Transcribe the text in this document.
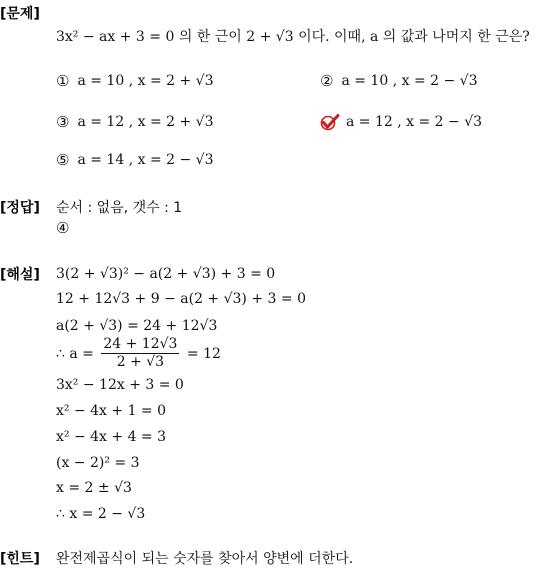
[문제]
3x² − ax + 3 = 0 의 한 근이 2 + √3 이다. 이때, a 의 값과 나머지 한 근은?
① a = 10 , x = 2 + √3	② a = 10 , x = 2 − √3
③ a = 12 , x = 2 + √3	a = 12 , x = 2 − √3
⑤ a = 14 , x = 2 − √3
[정답] 순서 : 없음, 갯수 : 1
④
[해설] 3(2 + √3)² − a(2 + √3) + 3 = 0
12 + 12√3 + 9 − a(2 + √3) + 3 = 0
a(2 + √3) = 24 + 12√3
∴ $a = \frac{24 + 12√3}{2 + √3} = 12$
3x² − 12x + 3 = 0
x² − 4x + 1 = 0
x² − 4x + 4 = 3
(x − 2)² = 3
x = 2 ± √3
∴ x = 2 − √3
[힌트] 완전제곱식이 되는 숫자를 찾아서 양변에 더한다.
